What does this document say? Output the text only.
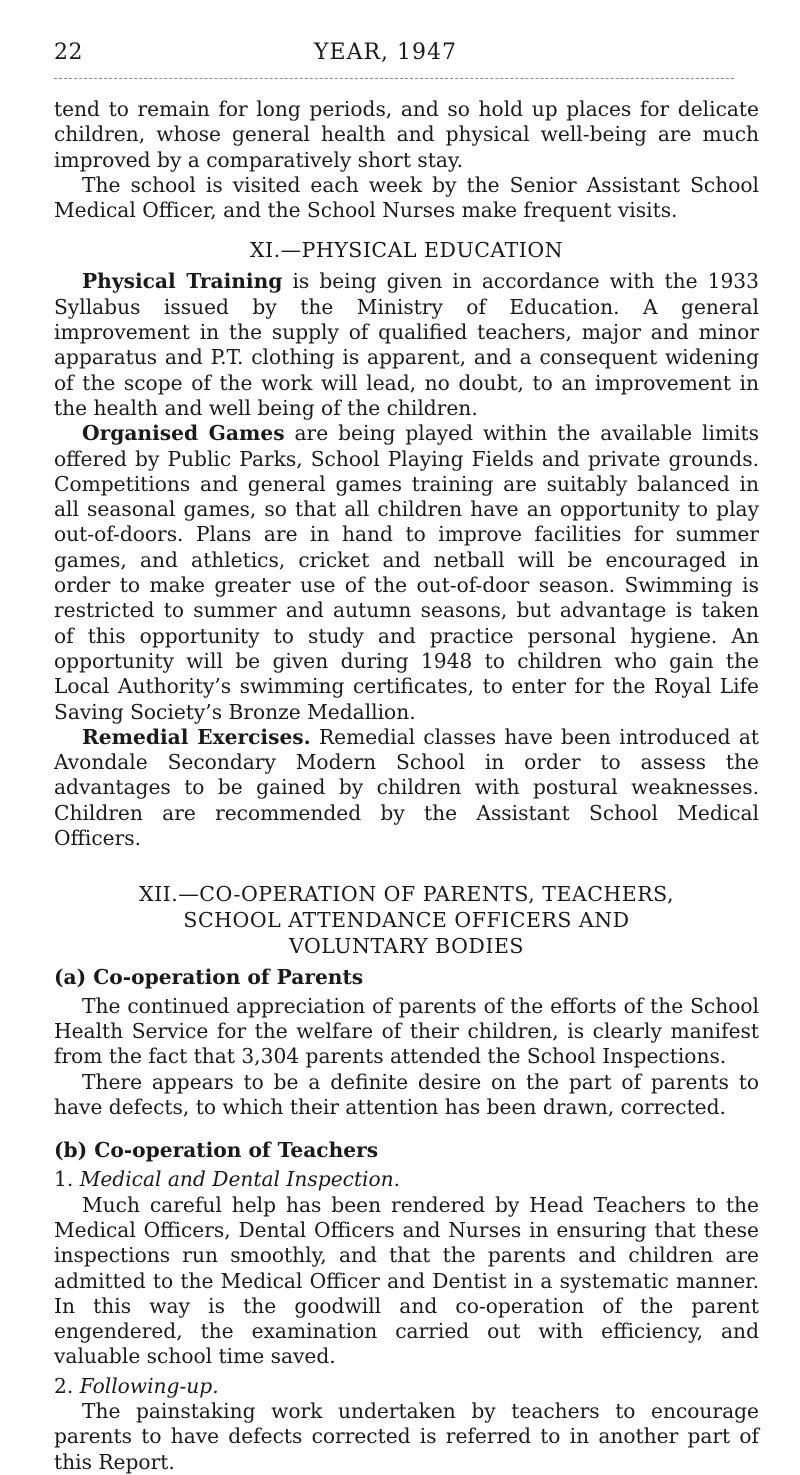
22	YEAR, 1947

tend to remain for long periods, and so hold up places for delicate children, whose general health and physical well-being are much improved by a comparatively short stay.

The school is visited each week by the Senior Assistant School Medical Officer, and the School Nurses make frequent visits.

XI.—PHYSICAL EDUCATION

Physical Training is being given in accordance with the 1933 Syllabus issued by the Ministry of Education. A general improvement in the supply of qualified teachers, major and minor apparatus and P.T. clothing is apparent, and a consequent widening of the scope of the work will lead, no doubt, to an improvement in the health and well being of the children.

Organised Games are being played within the available limits offered by Public Parks, School Playing Fields and private grounds. Competitions and general games training are suitably balanced in all seasonal games, so that all children have an opportunity to play out-of-doors. Plans are in hand to improve facilities for summer games, and athletics, cricket and netball will be encouraged in order to make greater use of the out-of-door season. Swimming is restricted to summer and autumn seasons, but advantage is taken of this opportunity to study and practice personal hygiene. An opportunity will be given during 1948 to children who gain the Local Authority’s swimming certificates, to enter for the Royal Life Saving Society’s Bronze Medallion.

Remedial Exercises. Remedial classes have been introduced at Avondale Secondary Modern School in order to assess the advantages to be gained by children with postural weaknesses. Children are recommended by the Assistant School Medical Officers.

XII.—CO-OPERATION OF PARENTS, TEACHERS,
SCHOOL ATTENDANCE OFFICERS AND
VOLUNTARY BODIES
(a) Co-operation of Parents

The continued appreciation of parents of the efforts of the School Health Service for the welfare of their children, is clearly manifest from the fact that 3,304 parents attended the School Inspections.

There appears to be a definite desire on the part of parents to have defects, to which their attention has been drawn, corrected.

(b) Co-operation of Teachers
1. Medical and Dental Inspection.

Much careful help has been rendered by Head Teachers to the Medical Officers, Dental Officers and Nurses in ensuring that these inspections run smoothly, and that the parents and children are admitted to the Medical Officer and Dentist in a systematic manner. In this way is the goodwill and co-operation of the parent engendered, the examination carried out with efficiency, and valuable school time saved.

2. Following-up.

The painstaking work undertaken by teachers to encourage parents to have defects corrected is referred to in another part of this Report.
